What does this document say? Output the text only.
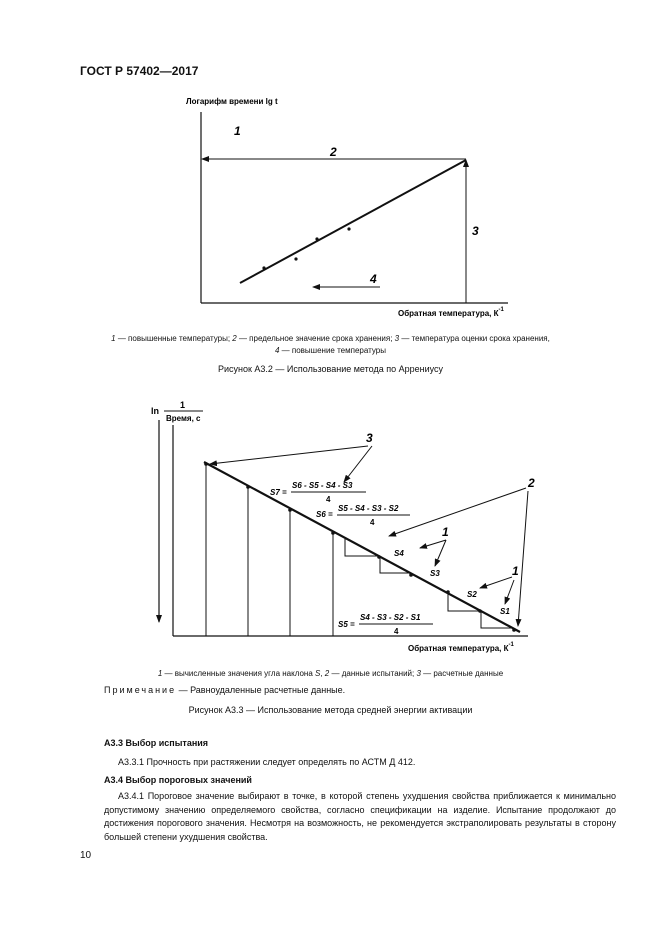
ГОСТ Р 57402—2017
Логарифм времени lg t
Обратная температура, $К^{-1}$
1
2
3
4
1 — повышенные температуры; 2 — предельное значение срока хранения; 3 — температура оценки срока хранения,
4 — повышение температуры
Рисунок А3.2 — Использование метода по Аррениусу
ln
1
Время, с
Обратная температура, $К^{-1}$
S4
S3
S2
S1
S7 =
S6 - S5 - S4 - S3
4
S6 =
S5 - S4 - S3 - S2
4
S5 =
S4 - S3 - S2 - S1
4
3
2
1
1
1 — вычисленные значения угла наклона S, 2 — данные испытаний; 3 — расчетные данные
Примечание — Равноудаленные расчетные данные.
Рисунок А3.3 — Использование метода средней энергии активации
А3.3 Выбор испытания
А3.3.1 Прочность при растяжении следует определять по АСТМ Д 412.
А3.4 Выбор пороговых значений
А3.4.1 Пороговое значение выбирают в точке, в которой степень ухудшения свойства приближается к минимально допустимому значению определяемого свойства, согласно спецификации на изделие. Испытание продолжают до достижения порогового значения. Несмотря на возможность, не рекомендуется экстраполировать результаты в сторону большей степени ухудшения свойства.
10
